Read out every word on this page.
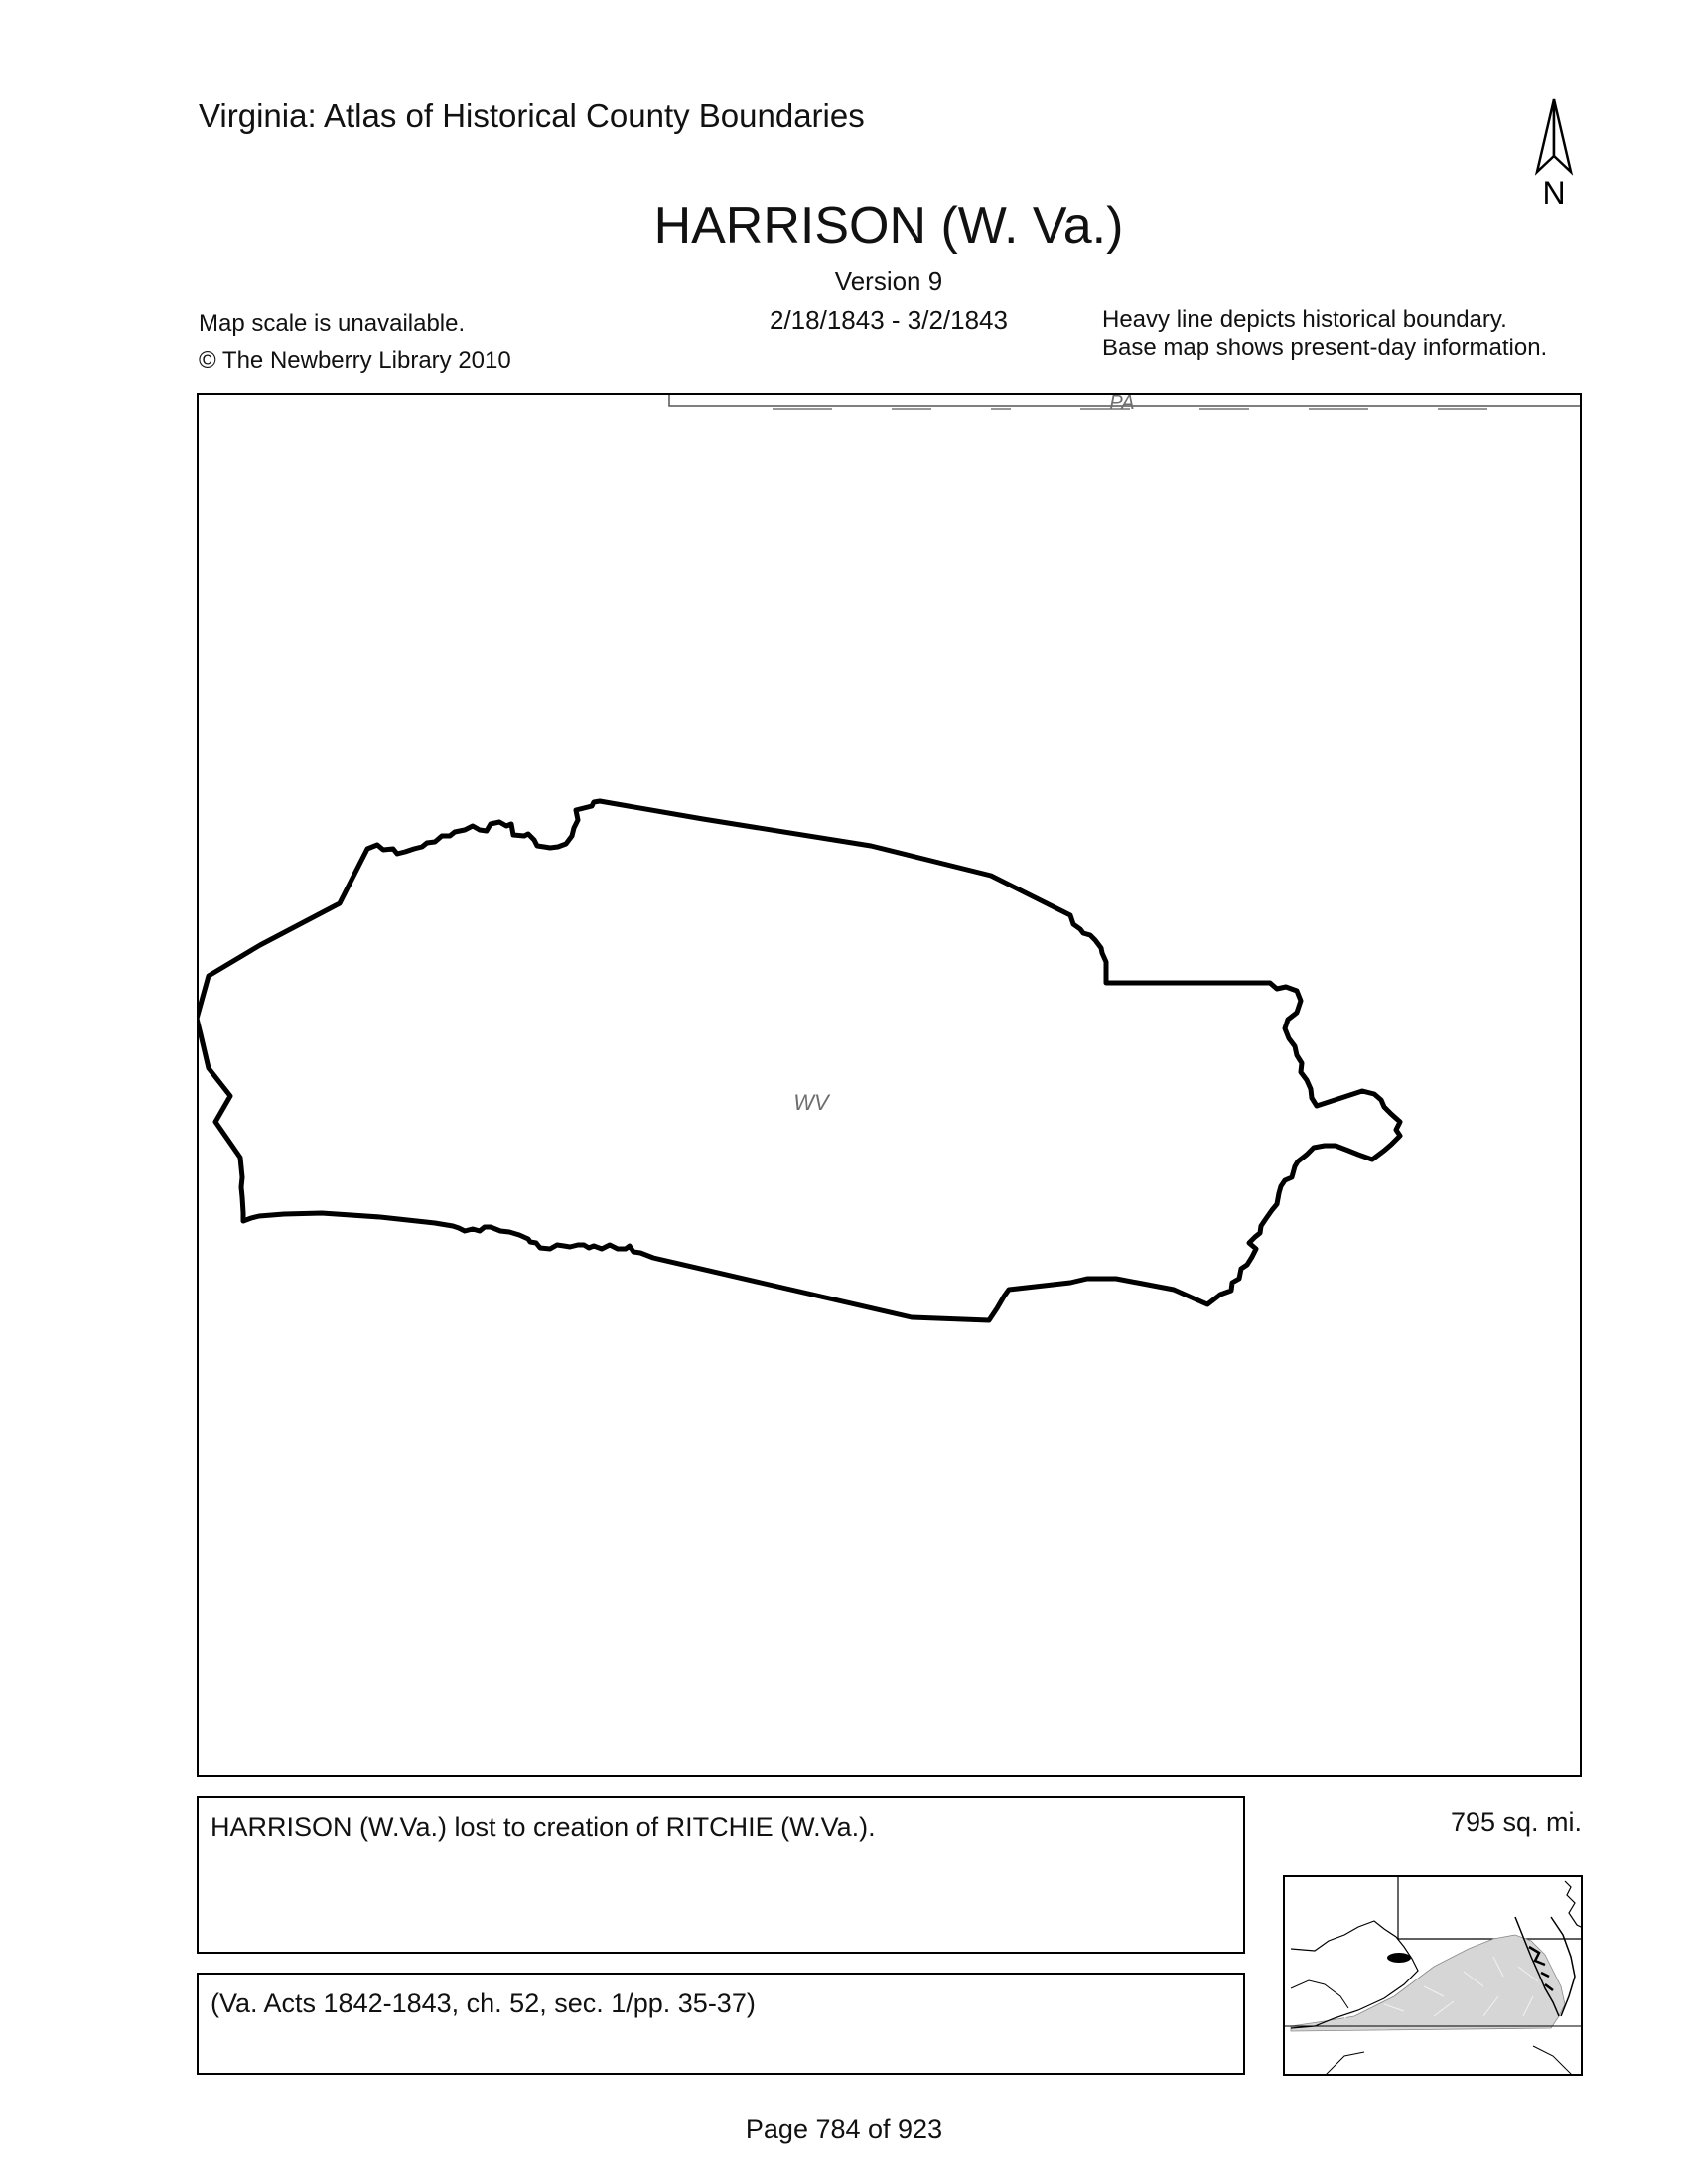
Virginia: Atlas of Historical County Boundaries
N
HARRISON (W. Va.)
Version 9
2/18/1843 - 3/2/1843
Map scale is unavailable.
© The Newberry Library 2010
Heavy line depicts historical boundary.
Base map shows present-day information.
PA
WV
HARRISON (W.Va.) lost to creation of RITCHIE (W.Va.).
(Va. Acts 1842-1843, ch. 52, sec. 1/pp. 35-37)
795 sq. mi.
Page 784 of 923
